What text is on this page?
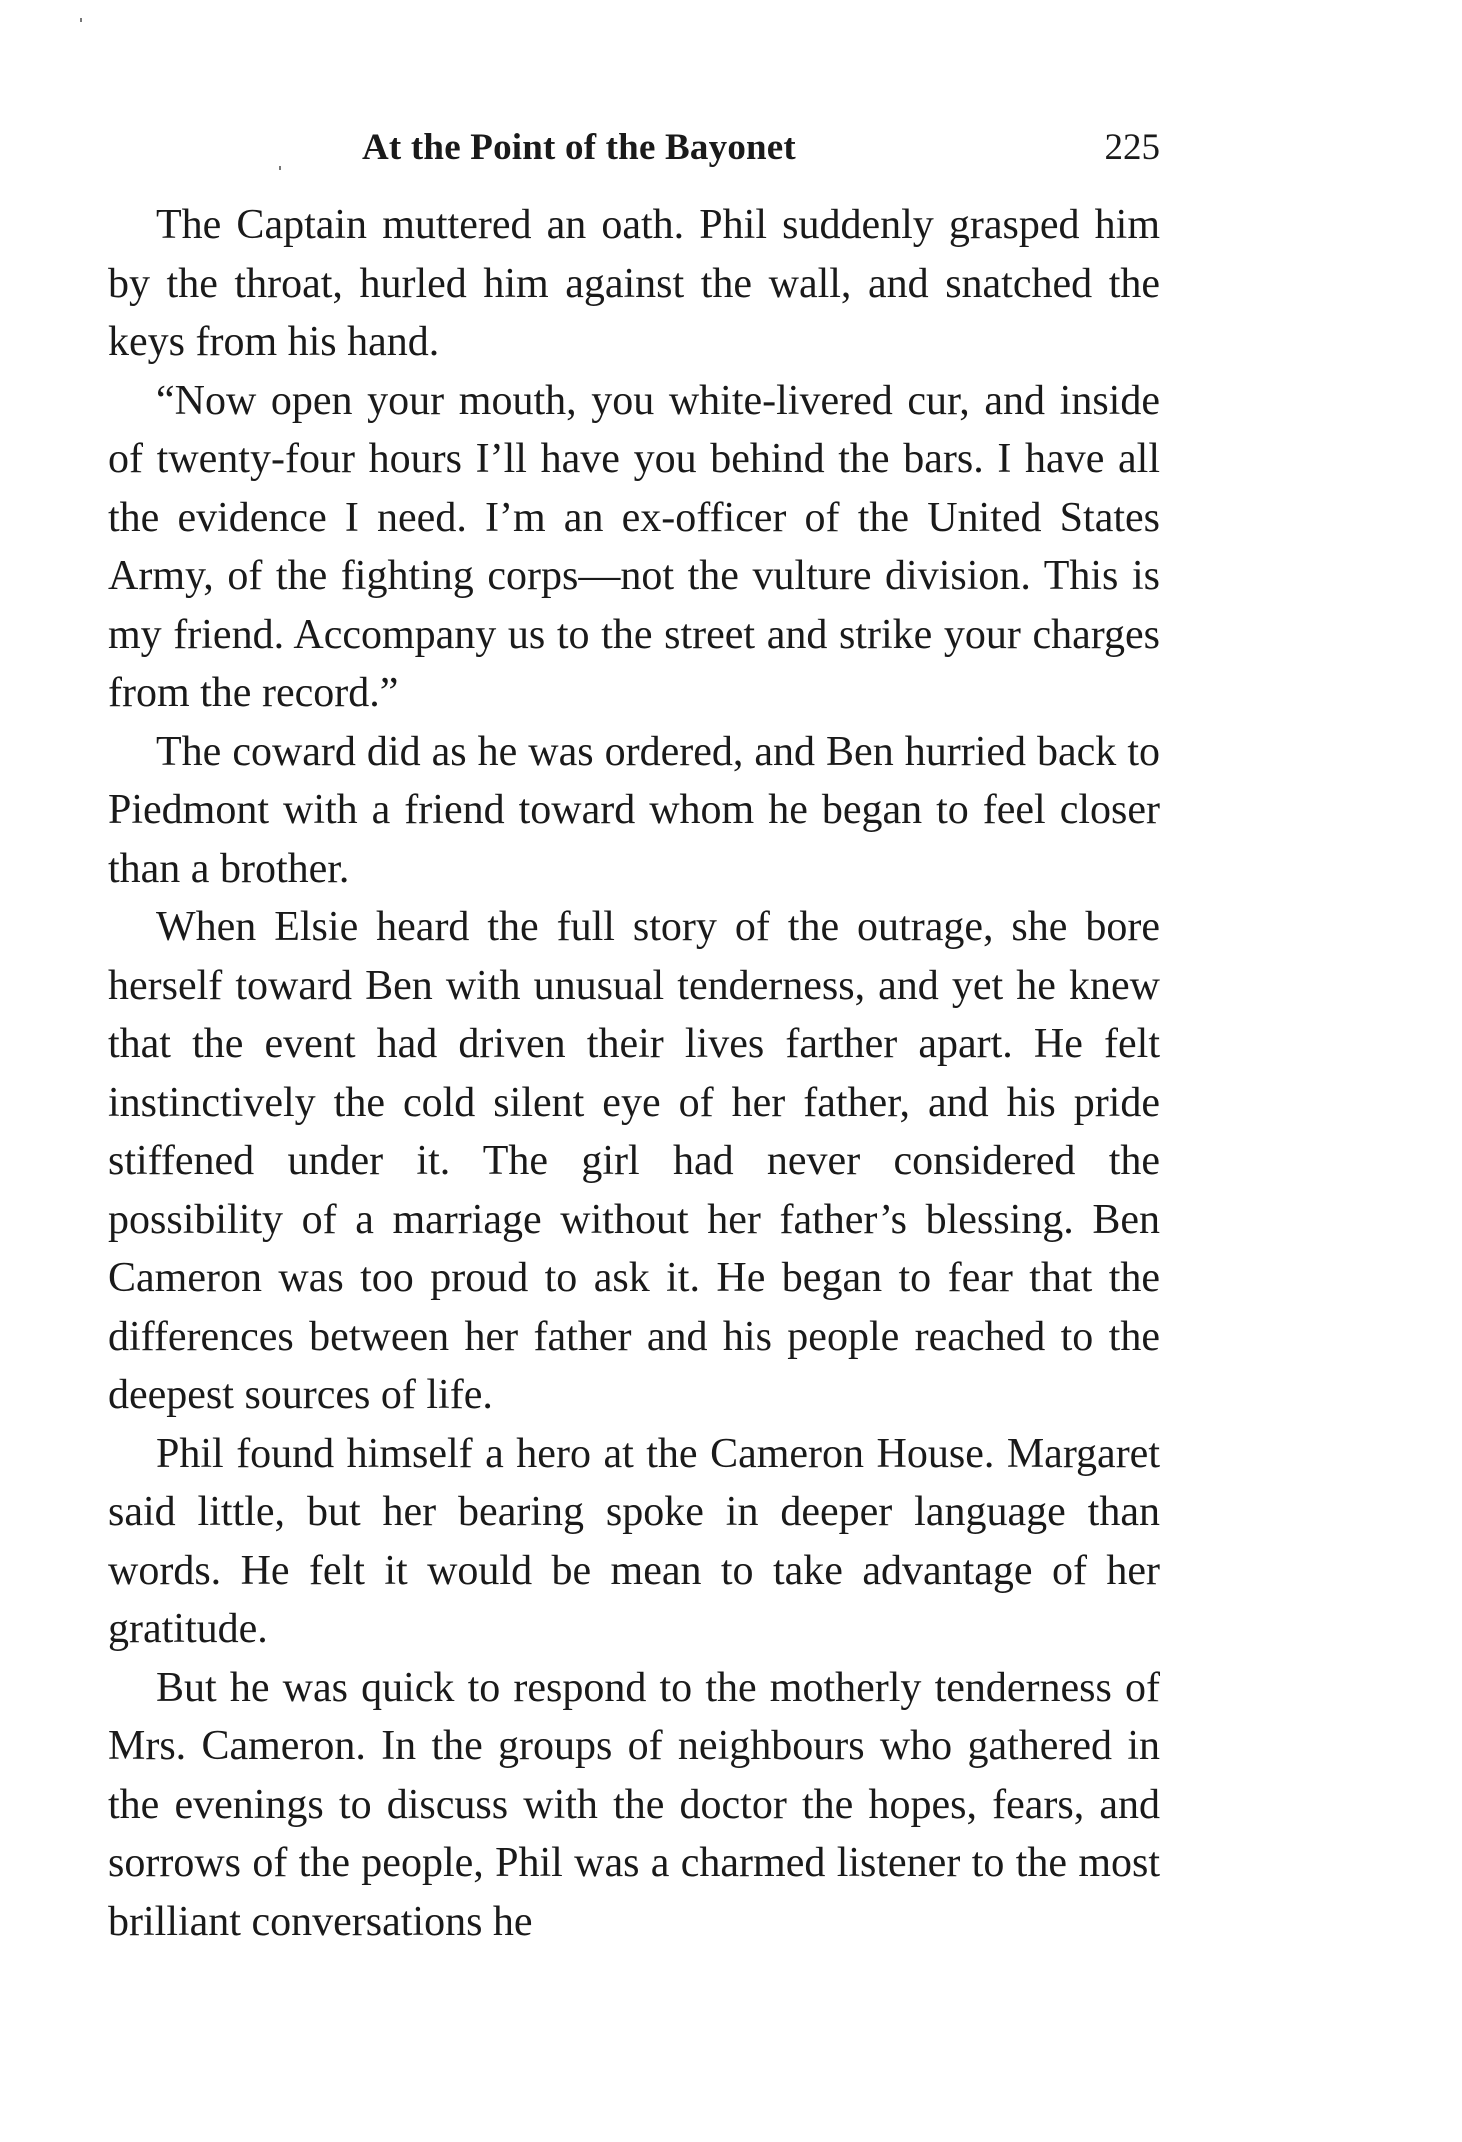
At the Point of the Bayonet	225

The Captain muttered an oath. Phil suddenly grasped him by the throat, hurled him against the wall, and snatched the keys from his hand.

“Now open your mouth, you white-livered cur, and inside of twenty-four hours I’ll have you behind the bars. I have all the evidence I need. I’m an ex-officer of the United States Army, of the fighting corps—not the vulture division. This is my friend. Accompany us to the street and strike your charges from the record.”

The coward did as he was ordered, and Ben hurried back to Piedmont with a friend toward whom he began to feel closer than a brother.

When Elsie heard the full story of the outrage, she bore herself toward Ben with unusual tenderness, and yet he knew that the event had driven their lives farther apart. He felt instinctively the cold silent eye of her father, and his pride stiffened under it. The girl had never considered the possibility of a marriage without her father’s blessing. Ben Cameron was too proud to ask it. He began to fear that the differences between her father and his people reached to the deepest sources of life.

Phil found himself a hero at the Cameron House. Margaret said little, but her bearing spoke in deeper language than words. He felt it would be mean to take advantage of her gratitude.

But he was quick to respond to the motherly tenderness of Mrs. Cameron. In the groups of neighbours who gathered in the evenings to discuss with the doctor the hopes, fears, and sorrows of the people, Phil was a charmed listener to the most brilliant conversations he
